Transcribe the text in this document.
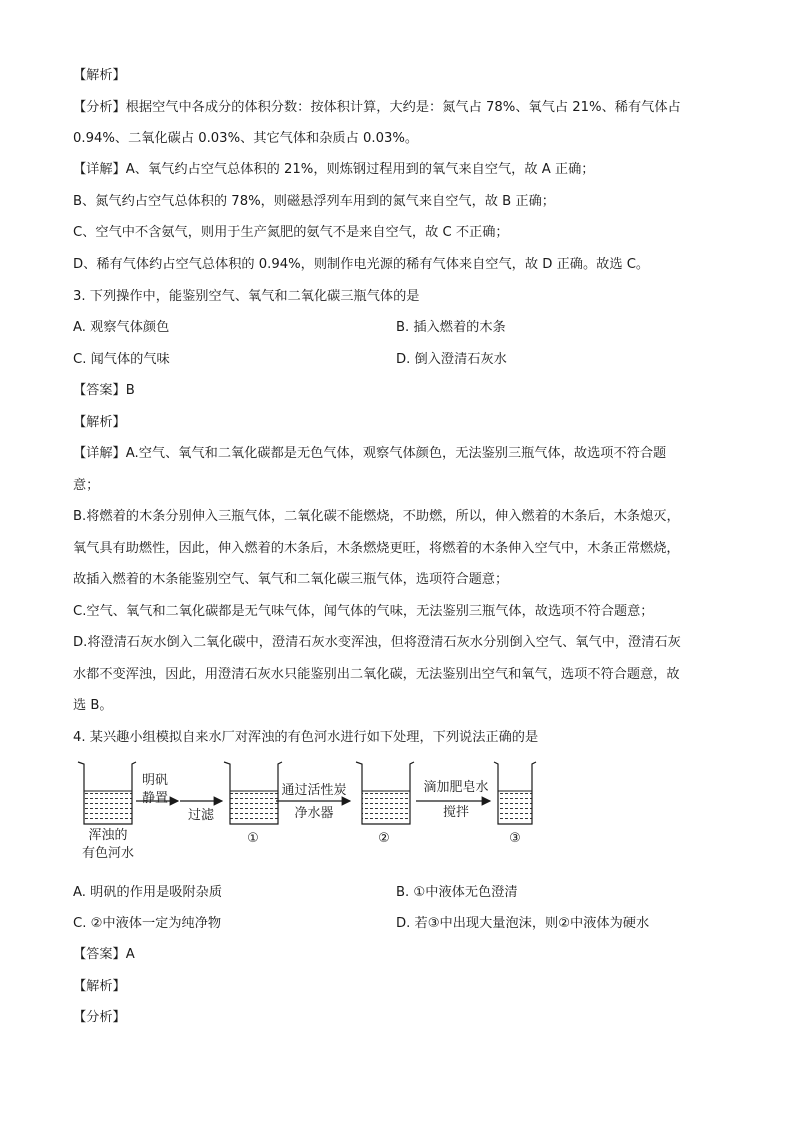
【解析】
【分析】根据空气中各成分的体积分数：按体积计算，大约是：氮气占 78%、氧气占 21%、稀有气体占
0.94%、二氧化碳占 0.03%、其它气体和杂质占 0.03%。
【详解】A、氧气约占空气总体积的 21%，则炼钢过程用到的氧气来自空气，故 A 正确；
B、氮气约占空气总体积的 78%，则磁悬浮列车用到的氮气来自空气，故 B 正确；
C、空气中不含氨气，则用于生产氮肥的氨气不是来自空气，故 C 不正确；
D、稀有气体约占空气总体积的 0.94%，则制作电光源的稀有气体来自空气，故 D 正确。故选 C。
3. 下列操作中，能鉴别空气、氧气和二氧化碳三瓶气体的是
A. 观察气体颜色	B. 插入燃着的木条
C. 闻气体的气味	D. 倒入澄清石灰水
【答案】B
【解析】
【详解】A.空气、氧气和二氧化碳都是无色气体，观察气体颜色，无法鉴别三瓶气体，故选项不符合题
意；
B.将燃着的木条分别伸入三瓶气体，二氧化碳不能燃烧，不助燃，所以，伸入燃着的木条后，木条熄灭，
氧气具有助燃性，因此，伸入燃着的木条后，木条燃烧更旺，将燃着的木条伸入空气中，木条正常燃烧，
故插入燃着的木条能鉴别空气、氧气和二氧化碳三瓶气体，选项符合题意；
C.空气、氧气和二氧化碳都是无气味气体，闻气体的气味，无法鉴别三瓶气体，故选项不符合题意；
D.将澄清石灰水倒入二氧化碳中，澄清石灰水变浑浊，但将澄清石灰水分别倒入空气、氧气中，澄清石灰
水都不变浑浊，因此，用澄清石灰水只能鉴别出二氧化碳，无法鉴别出空气和氧气，选项不符合题意，故
选 B。
4. 某兴趣小组模拟自来水厂对浑浊的有色河水进行如下处理，下列说法正确的是
浑浊的
有色河水
明矾
静置
过滤
①
通过活性炭
净水器
②
滴加肥皂水
搅拌
③
A. 明矾的作用是吸附杂质	B. ①中液体无色澄清
C. ②中液体一定为纯净物	D. 若③中出现大量泡沫，则②中液体为硬水
【答案】A
【解析】
【分析】
